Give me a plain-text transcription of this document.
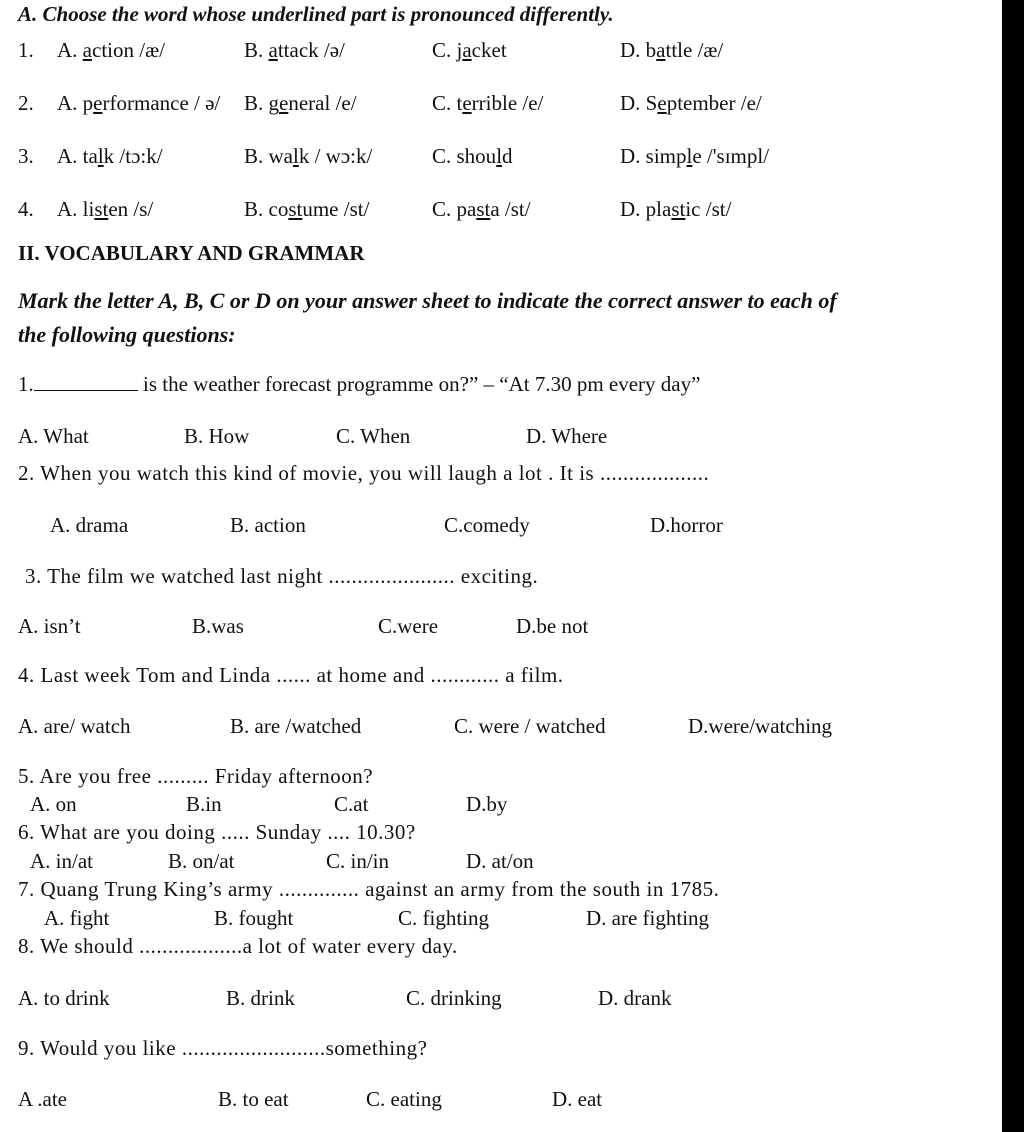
A. Choose the word whose underlined part is pronounced differently.
1. A. action /æ/	B. attack /ə/	C. jacket	D. battle /æ/
2. A. performance / ə/ B. general /e/	C. terrible /e/	D. September /e/
3. A. talk /tɔ:k/	B. walk / wɔ:k/	C. should	D. simple /'sɪmpl/
4. A. listen /s/	B. costume /st/	C. pasta /st/	D. plastic /st/
II. VOCABULARY AND GRAMMAR
Mark the letter A, B, C or D on your answer sheet to indicate the correct answer to each of
the following questions:
1.	is the weather forecast programme on?” – “At 7.30 pm every day”
A. What	B. How	C. When	D. Where
2. When you watch this kind of movie, you will laugh a lot . It is ...................
A. drama	B. action	C.comedy	D.horror
3. The film we watched last night ...................... exciting.
A. isn’t	B.was	C.were	D.be not
4. Last week Tom and Linda ...... at home and ............ a film.
A. are/ watch	B. are /watched	C. were / watched	D.were/watching
5. Are you free ......... Friday afternoon?
A. on	B.in	C.at	D.by
6. What are you doing ..... Sunday .... 10.30?
A. in/at	B. on/at	C. in/in	D. at/on
7. Quang Trung King’s army .............. against an army from the south in 1785.
A. fight	B. fought	C. fighting	D. are fighting
8. We should ..................a lot of water every day.
A. to drink	B. drink	C. drinking	D. drank
9. Would you like .........................something?
A .ate	B. to eat	C. eating	D. eat
